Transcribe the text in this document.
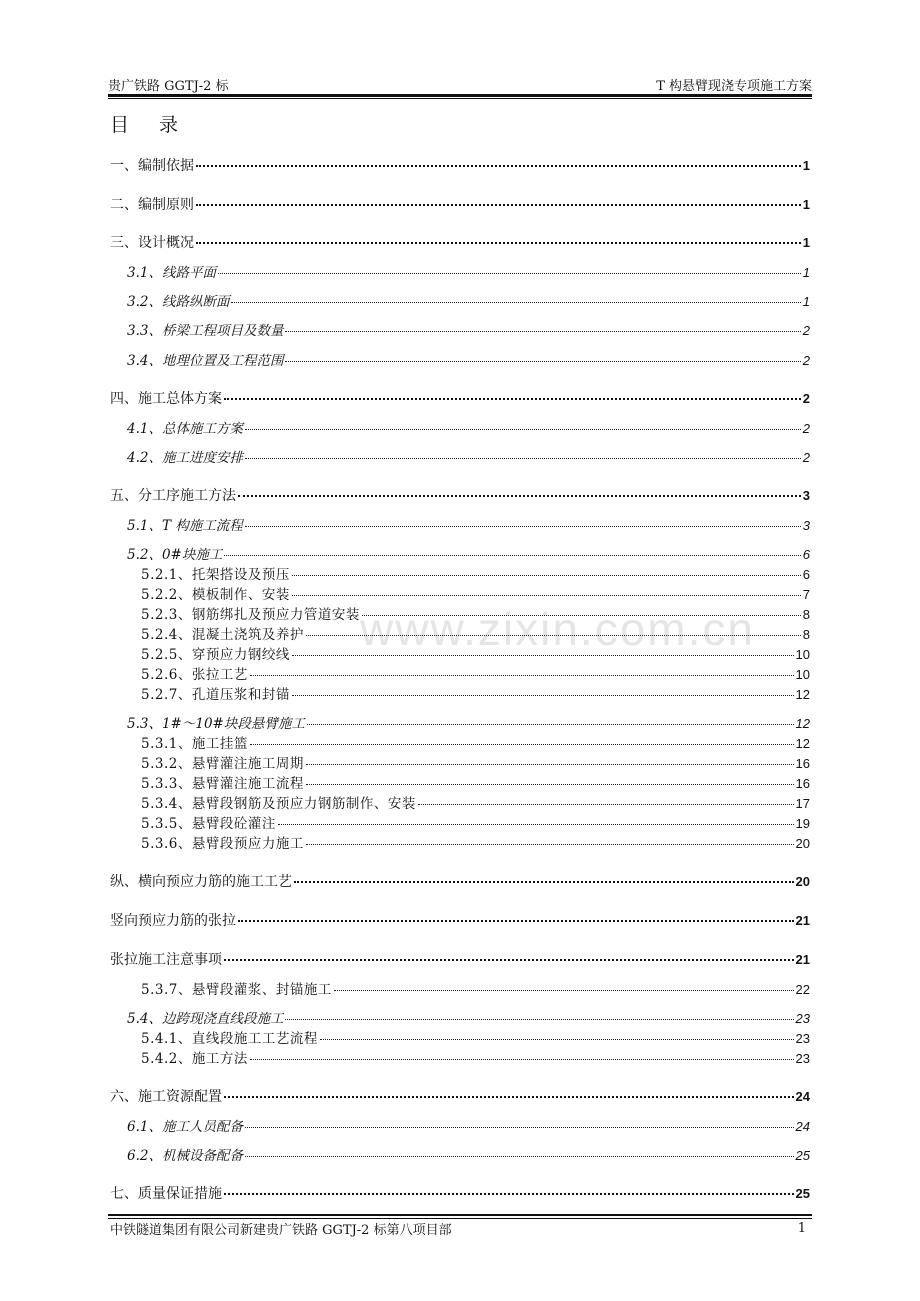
贵广铁路 GGTJ-2 标	T 构悬臂现浇专项施工方案
目录
www.zixin.com.cn
一、编制依据	1
二、编制原则	1
三、设计概况	1
3.1、线路平面	1
3.2、线路纵断面	1
3.3、桥梁工程项目及数量	2
3.4、地理位置及工程范围	2
四、施工总体方案	2
4.1、总体施工方案	2
4.2、施工进度安排	2
五、分工序施工方法	3
5.1、T 构施工流程	3
5.2、0#块施工	6
5.2.1、托架搭设及预压	6
5.2.2、模板制作、安装	7
5.2.3、钢筋绑扎及预应力管道安装	8
5.2.4、混凝土浇筑及养护	8
5.2.5、穿预应力钢绞线	10
5.2.6、张拉工艺	10
5.2.7、孔道压浆和封锚	12
5.3、1#～10#块段悬臂施工	12
5.3.1、施工挂篮	12
5.3.2、悬臂灌注施工周期	16
5.3.3、悬臂灌注施工流程	16
5.3.4、悬臂段钢筋及预应力钢筋制作、安装	17
5.3.5、悬臂段砼灌注	19
5.3.6、悬臂段预应力施工	20
纵、横向预应力筋的施工工艺	20
竖向预应力筋的张拉	21
张拉施工注意事项	21
5.3.7、悬臂段灌浆、封锚施工	22
5.4、边跨现浇直线段施工	23
5.4.1、直线段施工工艺流程	23
5.4.2、施工方法	23
六、施工资源配置	24
6.1、施工人员配备	24
6.2、机械设备配备	25
七、质量保证措施	25
中铁隧道集团有限公司新建贵广铁路 GGTJ-2 标第八项目部	1
